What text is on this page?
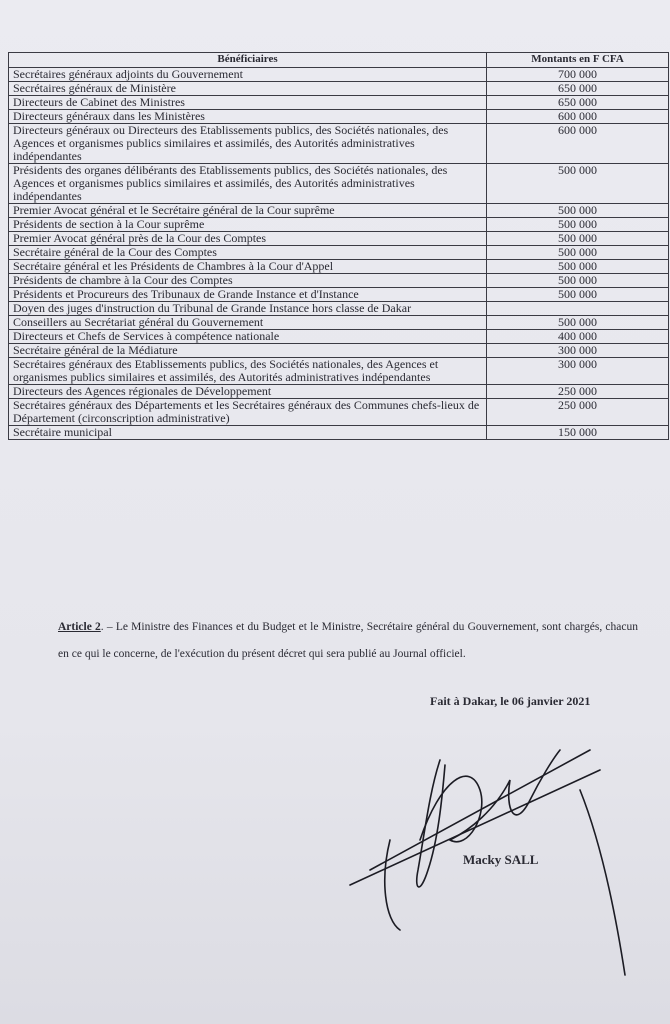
Bénéficiaires	Montants en F CFA
Secrétaires généraux adjoints du Gouvernement	700 000
Secrétaires généraux de Ministère	650 000
Directeurs de Cabinet des Ministres	650 000
Directeurs généraux dans les Ministères	600 000
Directeurs généraux ou Directeurs des Etablissements publics, des Sociétés nationales, des Agences et organismes publics similaires et assimilés, des Autorités administratives indépendantes	600 000
Présidents des organes délibérants des Etablissements publics, des Sociétés nationales, des Agences et organismes publics similaires et assimilés, des Autorités administratives indépendantes	500 000
Premier Avocat général et le Secrétaire général de la Cour suprême	500 000
Présidents de section à la Cour suprême	500 000
Premier Avocat général près de la Cour des Comptes	500 000
Secrétaire général de la Cour des Comptes	500 000
Secrétaire général et les Présidents de Chambres à la Cour d'Appel	500 000
Présidents de chambre à la Cour des Comptes	500 000
Présidents et Procureurs des Tribunaux de Grande Instance et d'Instance	500 000
Doyen des juges d'instruction du Tribunal de Grande Instance hors classe de Dakar	
Conseillers au Secrétariat général du Gouvernement	500 000
Directeurs et Chefs de Services à compétence nationale	400 000
Secrétaire général de la Médiature	300 000
Secrétaires généraux des Etablissements publics, des Sociétés nationales, des Agences et organismes publics similaires et assimilés, des Autorités administratives indépendantes	300 000
Directeurs des Agences régionales de Développement	250 000
Secrétaires généraux des Départements et les Secrétaires généraux des Communes chefs-lieux de Département (circonscription administrative)	250 000
Secrétaire municipal	150 000
Article 2. – Le Ministre des Finances et du Budget et le Ministre, Secrétaire général du Gouvernement, sont chargés, chacun en ce qui le concerne, de l'exécution du présent décret qui sera publié au Journal officiel.
Fait à Dakar, le 06 janvier 2021
Macky SALL
